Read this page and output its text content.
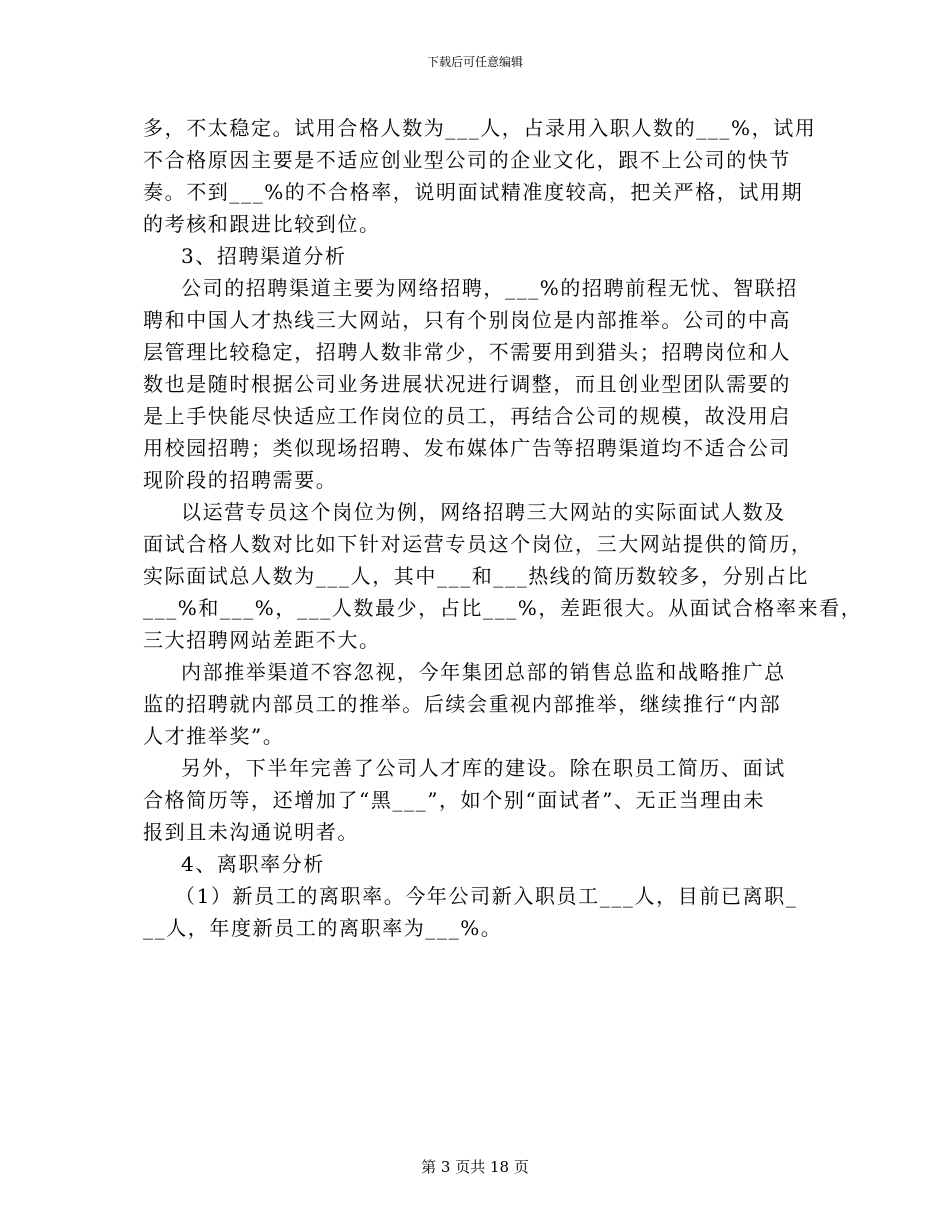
下载后可任意编辑
多，不太稳定。试用合格人数为___人，占录用入职人数的___%，试用
不合格原因主要是不适应创业型公司的企业文化，跟不上公司的快节
奏。不到___%的不合格率，说明面试精准度较高，把关严格，试用期
的考核和跟进比较到位。
3、招聘渠道分析
公司的招聘渠道主要为网络招聘，___%的招聘前程无忧、智联招
聘和中国人才热线三大网站，只有个别岗位是内部推举。公司的中高
层管理比较稳定，招聘人数非常少，不需要用到猎头；招聘岗位和人
数也是随时根据公司业务进展状况进行调整，而且创业型团队需要的
是上手快能尽快适应工作岗位的员工，再结合公司的规模，故没用启
用校园招聘；类似现场招聘、发布媒体广告等招聘渠道均不适合公司
现阶段的招聘需要。
以运营专员这个岗位为例，网络招聘三大网站的实际面试人数及
面试合格人数对比如下针对运营专员这个岗位，三大网站提供的简历，
实际面试总人数为___人，其中___和___热线的简历数较多，分别占比
___%和___%，___人数最少，占比___%，差距很大。从面试合格率来看，
三大招聘网站差距不大。
内部推举渠道不容忽视，今年集团总部的销售总监和战略推广总
监的招聘就内部员工的推举。后续会重视内部推举，继续推行“内部
人才推举奖”。
另外，下半年完善了公司人才库的建设。除在职员工简历、面试
合格简历等，还增加了“黑___”，如个别“面试者”、无正当理由未
报到且未沟通说明者。
4、离职率分析
（1）新员工的离职率。今年公司新入职员工___人，目前已离职_
__人，年度新员工的离职率为___%。
第 3 页共 18 页
